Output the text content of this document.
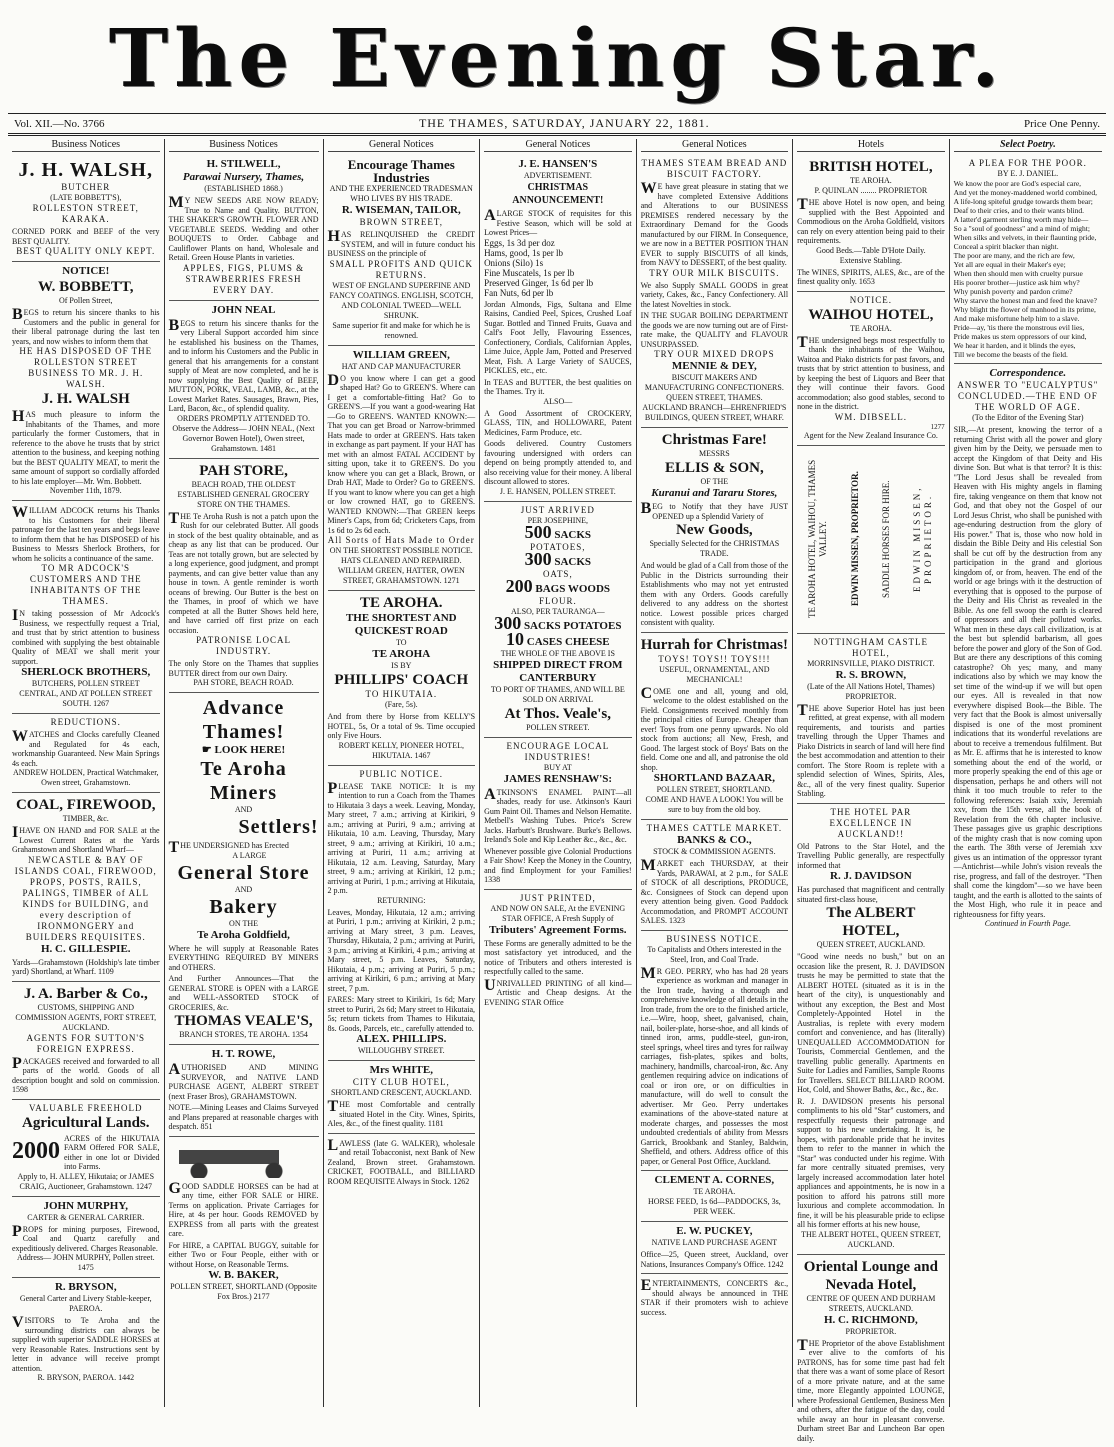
The Evening Star.
Vol. XII.—No. 3766	THE THAMES, SATURDAY, JANUARY 22, 1881.	Price One Penny.
Business Notices
J. H. WALSH,
BUTCHER
(LATE BOBBETT'S),
ROLLESTON STREET, KARAKA.

CORNED PORK and BEEF of the very BEST QUALITY.

BEST QUALITY ONLY KEPT.
NOTICE!
W. BOBBETT,
Of Pollen Street,

BEGS to return his sincere thanks to his Customers and the public in general for their liberal patronage during the last ten years, and now wishes to inform them that

HE HAS DISPOSED OF THE ROLLESTON STREET BUSINESS TO MR. J. H. WALSH.
J. H. WALSH

HAS much pleasure to inform the Inhabitants of the Thames, and more particularly the former Customers, that in reference to the above he trusts that by strict attention to the business, and keeping nothing but the BEST QUALITY MEAT, to merit the same amount of support so cordially afforded to his late employer—Mr. Wm. Bobbett.

November 11th, 1879.

WILLIAM ADCOCK returns his Thanks to his Customers for their liberal patronage for the last ten years and begs leave to inform them that he has DISPOSED of his Business to Messrs Sherlock Brothers, for whom he solicits a continuance of the same.

TO MR ADCOCK'S CUSTOMERS AND THE INHABITANTS OF THE THAMES.

IN taking possession of Mr Adcock's Business, we respectfully request a Trial, and trust that by strict attention to business combined with supplying the best obtainable Quality of MEAT we shall merit your support.

SHERLOCK BROTHERS,
BUTCHERS, POLLEN STREET CENTRAL, AND AT POLLEN STREET SOUTH. 1267
REDUCTIONS.

WATCHES and Clocks carefully Cleaned and Regulated for 4s each, workmanship Guaranteed. New Main Springs 4s each.

ANDREW HOLDEN, Practical Watchmaker, Owen street, Grahamstown.
COAL, FIREWOOD,
TIMBER, &c.

IHAVE ON HAND and FOR SALE at the Lowest Current Rates at the Yards Grahamstown and Shortland Wharf—

NEWCASTLE & BAY OF ISLANDS COAL, FIREWOOD, PROPS, POSTS, RAILS, PALINGS, TIMBER of ALL KINDS for BUILDING, and every description of IRONMONGERY and BUILDERS REQUISITES.
H. C. GILLESPIE.

Yards—Grahamstown (Holdship's late timber yard) Shortland, at Wharf. 1109

J. A. Barber & Co.,
CUSTOMS, SHIPPING AND COMMISSION AGENTS, FORT STREET, AUCKLAND.
AGENTS FOR SUTTON'S FOREIGN EXPRESS.

PACKAGES received and forwarded to all parts of the world. Goods of all description bought and sold on commission. 1598

VALUABLE FREEHOLD
Agricultural Lands.
2000 ACRES of the HIKUTAIA FARM Offered FOR SALE, either in one lot or Divided into Farms.

Apply to, H. ALLEY, Hikutaia; or JAMES CRAIG, Auctioneer, Grahamstown. 1247
JOHN MURPHY,
CARTER & GENERAL CARRIER.

PROPS for mining purposes, Firewood, Coal and Quartz carefully and expeditiously delivered. Charges Reasonable.

Address— JOHN MURPHY, Pollen street. 1475
R. BRYSON,
General Carter and Livery Stable-keeper, PAEROA.

VISITORS to Te Aroha and the surrounding districts can always be supplied with superior SADDLE HORSES at very Reasonable Rates. Instructions sent by letter in advance will receive prompt attention.

R. BRYSON, PAEROA. 1442
Business Notices
H. STILWELL,
Parawai Nursery, Thames,
(ESTABLISHED 1868.)

MY NEW SEEDS ARE NOW READY; True to Name and Quality. BUTTON, THE SHAKER'S GROWTH. FLOWER AND VEGETABLE SEEDS. Wedding and other BOUQUETS to Order. Cabbage and Cauliflower Plants on hand, Wholesale and Retail. Green House Plants in varieties.

APPLES, FIGS, PLUMS & STRAWBERRIES FRESH EVERY DAY.
JOHN NEAL

BEGS to return his sincere thanks for the very Liberal Support accorded him since he established his business on the Thames, and to inform his Customers and the Public in general that his arrangements for a constant supply of Meat are now completed, and he is now supplying the Best Quality of BEEF, MUTTON, PORK, VEAL, LAMB, &c., at the Lowest Market Rates. Sausages, Brawn, Pies, Lard, Bacon, &c., of splendid quality.

ORDERS PROMPTLY ATTENDED TO.
Observe the Address— JOHN NEAL, (Next Governor Bowen Hotel), Owen street, Grahamstown. 1481
PAH STORE,
BEACH ROAD, THE OLDEST ESTABLISHED GENERAL GROCERY STORE ON THE THAMES.

THE Te Aroha Rush is not a patch upon the Rush for our celebrated Butter. All goods in stock of the best quality obtainable, and as cheap as any list that can be produced. Our Teas are not totally grown, but are selected by a long experience, good judgment, and prompt payments, and can give better value than any house in town. A gentle reminder is worth oceans of brewing. Our Butter is the best on the Thames, in proof of which we have competed at all the Butter Shows held here, and have carried off first prize on each occasion.

PATRONISE LOCAL INDUSTRY.

The only Store on the Thames that supplies BUTTER direct from our own Dairy.

PAH STORE, BEACH ROAD.
Advance Thames!
☛ LOOK HERE!
Te Aroha
Miners
AND
Settlers!

THE UNDERSIGNED has Erected

A LARGE
General Store
AND
Bakery
ON THE
Te Aroha Goldfield,

Where he will supply at Reasonable Rates EVERYTHING REQUIRED BY MINERS and OTHERS.

And Further Announces—That the GENERAL STORE is OPEN with a LARGE and WELL-ASSORTED STOCK of GROCERIES, &c.

THOMAS VEALE'S,
BRANCH STORES, TE AROHA. 1354
H. T. ROWE,

AUTHORISED AND MINING SURVEYOR, and NATIVE LAND PURCHASE AGENT, ALBERT STREET (next Fraser Bros), GRAHAMSTOWN.

NOTE.—Mining Leases and Claims Surveyed and Plans prepared at reasonable charges with despatch. 851

GOOD SADDLE HORSES can be had at any time, either FOR SALE or HIRE. Terms on application. Private Carriages for Hire, at 4s per hour. Goods REMOVED by EXPRESS from all parts with the greatest care.

For HIRE, a CAPITAL BUGGY, suitable for either Two or Four People, either with or without Horse, on Reasonable Terms.

W. B. BAKER,
POLLEN STREET, SHORTLAND (Opposite Fox Bros.) 2177
General Notices
Encourage Thames Industries
AND THE EXPERIENCED TRADESMAN WHO LIVES BY HIS TRADE.
R. WISEMAN, TAILOR,
BROWN STREET,

HAS RELINQUISHED the CREDIT SYSTEM, and will in future conduct his BUSINESS on the principle of

SMALL PROFITS AND QUICK RETURNS.
WEST OF ENGLAND SUPERFINE AND FANCY COATINGS. ENGLISH, SCOTCH, AND COLONIAL TWEED—WELL SHRUNK.
Same superior fit and make for which he is renowned.
WILLIAM GREEN,
HAT AND CAP MANUFACTURER

DO you know where I can get a good shaped Hat? Go to GREEN'S. Where can I get a comfortable-fitting Hat? Go to GREEN'S.—If you want a good-wearing Hat—Go to GREEN'S. WANTED KNOWN:—That you can get Broad or Narrow-brimmed Hats made to order at GREEN'S. Hats taken in exchange as part payment. If your HAT has met with an almost FATAL ACCIDENT by sitting upon, take it to GREEN'S. Do you know where you can get a Black, Brown, or Drab HAT, Made to Order? Go to GREEN'S. If you want to know where you can get a high or low crowned HAT, go to GREEN'S. WANTED KNOWN:—That GREEN keeps Miner's Caps, from 6d; Cricketers Caps, from 1s 6d to 2s 6d each.

All Sorts of Hats Made to Order
ON THE SHORTEST POSSIBLE NOTICE. HATS CLEANED AND REPAIRED.
WILLIAM GREEN, HATTER, OWEN STREET, GRAHAMSTOWN. 1271
TE AROHA.
THE SHORTEST AND
QUICKEST ROAD
TO
TE AROHA
IS BY
PHILLIPS' COACH
TO HIKUTAIA.
(Fare, 5s).

And from there by Horse from KELLY'S HOTEL, 5s, Or a total of 9s. Time occupied only Five Hours.

ROBERT KELLY, PIONEER HOTEL, HIKUTAIA. 1467
PUBLIC NOTICE.

PLEASE TAKE NOTICE: It is my intention to run a Coach from the Thames to Hikutaia 3 days a week. Leaving, Monday, Mary street, 7 a.m.; arriving at Kirikiri, 9 a.m.; arriving at Puriri, 9 a.m.; arriving at Hikutaia, 10 a.m. Leaving, Thursday, Mary street, 9 a.m.; arriving at Kirikiri, 10 a.m.; arriving at Puriri, 11 a.m.; arriving at Hikutaia, 12 a.m. Leaving, Saturday, Mary street, 9 a.m.; arriving at Kirikiri, 12 p.m.; arriving at Puriri, 1 p.m.; arriving at Hikutaia, 2 p.m.

RETURNING:

Leaves, Monday, Hikutaia, 12 a.m.; arriving at Puriri, 1 p.m.; arriving at Kirikiri, 2 p.m.; arriving at Mary street, 3 p.m. Leaves, Thursday, Hikutaia, 2 p.m.; arriving at Puriri, 3 p.m.; arriving at Kirikiri, 4 p.m.; arriving at Mary street, 5 p.m. Leaves, Saturday, Hikutaia, 4 p.m.; arriving at Puriri, 5 p.m.; arriving at Kirikiri, 6 p.m.; arriving at Mary street, 7 p.m.

FARES: Mary street to Kirikiri, 1s 6d; Mary street to Puriri, 2s 6d; Mary street to Hikutaia, 5s; return tickets from Thames to Hikutaia, 8s. Goods, Parcels, etc., carefully attended to.

ALEX. PHILLIPS.
WILLOUGHBY STREET.
Mrs WHITE,
CITY CLUB HOTEL,
SHORTLAND CRESCENT, AUCKLAND.

THE most Comfortable and centrally situated Hotel in the City. Wines, Spirits, Ales, &c., of the finest quality. 1181

LAWLESS (late G. WALKER), wholesale and retail Tobacconist, next Bank of New Zealand, Brown street. Grahamstown. CRICKET, FOOTBALL, and BILLIARD ROOM REQUISITE Always in Stock. 1262

General Notices
J. E. HANSEN'S
ADVERTISEMENT.
CHRISTMAS ANNOUNCEMENT!

ALARGE STOCK of requisites for this Festive Season, which will be sold at Lowest Prices—

Eggs, 1s 3d per doz

Hams, good, 1s per lb

Onions (Silo) 1s

Fine Muscatels, 1s per lb

Preserved Ginger, 1s 6d per lb

Fan Nuts, 6d per lb

Jordan Almonds, Figs, Sultana and Elme Raisins, Candied Peel, Spices, Crushed Loaf Sugar. Bottled and Tinned Fruits, Guava and Calf's Foot Jelly, Flavouring Essences, Confectionery, Cordials, Californian Apples, Lime Juice, Apple Jam, Potted and Preserved Meat, Fish. A Large Variety of SAUCES, PICKLES, etc., etc.

In TEAS and BUTTER, the best qualities on the Thames. Try it.

ALSO—

A Good Assortment of CROCKERY, GLASS, TIN, and HOLLOWARE, Patent Medicines, Farm Produce, etc.

Goods delivered. Country Customers favouring undersigned with orders can depend on being promptly attended to, and also receiving value for their money. A liberal discount allowed to stores.

J. E. HANSEN, POLLEN STREET.
JUST ARRIVED
PER JOSEPHINE,
500 SACKS
POTATOES,
300 SACKS
OATS,
200 BAGS WOODS
FLOUR.
ALSO, PER TAURANGA—
300 SACKS POTATOES
10 CASES CHEESE
THE WHOLE OF THE ABOVE IS
SHIPPED DIRECT FROM
CANTERBURY
TO PORT OF THAMES, AND WILL BE SOLD ON ARRIVAL
At Thos. Veale's,
POLLEN STREET.
ENCOURAGE LOCAL INDUSTRIES!
BUY AT
JAMES RENSHAW'S:

ATKINSON'S ENAMEL PAINT—all shades, ready for use. Atkinson's Kauri Gum Paint Oil. Thames and Nelson Hematite. Metbell's Washing Tubes. Price's Screw Jacks. Harbutt's Brushware. Burke's Bellows. Ireland's Sole and Kip Leather &c., &c., &c.

Whenever possible give Colonial Productions a Fair Show! Keep the Money in the Country, and find Employment for your Families! 1338

JUST PRINTED,
AND NOW ON SALE, At the EVENING STAR OFFICE, A Fresh Supply of
Tributers' Agreement Forms.

These Forms are generally admitted to be the most satisfactory yet introduced, and the notice of Tributers and others interested is respectfully called to the same.

UNRIVALLED PRINTING of all kind—Artistic and Cheap designs. At the EVENING STAR Office

General Notices
THAMES STEAM BREAD AND BISCUIT FACTORY.

WE have great pleasure in stating that we have completed Extensive Additions and Alterations to our BUSINESS PREMISES rendered necessary by the Extraordinary Demand for the Goods manufactured by our FIRM. In Consequence, we are now in a BETTER POSITION THAN EVER to supply BISCUITS of all kinds, from NAVY to DESSERT, of the best quality.

TRY OUR MILK BISCUITS.

We also Supply SMALL GOODS in great variety, Cakes, &c., Fancy Confectionery. All the latest Novelties in stock.

IN THE SUGAR BOILING DEPARTMENT the goods we are now turning out are of First-rate make, the QUALITY and FLAVOUR UNSURPASSED.

TRY OUR MIXED DROPS
MENNIE & DEY,
BISCUIT MAKERS AND MANUFACTURING CONFECTIONERS. QUEEN STREET, THAMES.
AUCKLAND BRANCH—EHRENFRIED'S BUILDINGS, QUEEN STREET, WHARF.
Christmas Fare!
MESSRS
ELLIS & SON,
OF THE
Kuranui and Tararu Stores,

BEG to Notify that they have JUST OPENED up a Splendid Variety of

New Goods,
Specially Selected for the CHRISTMAS TRADE.

And would be glad of a Call from those of the Public in the Districts surrounding their Establishments who may not yet entrusted them with any Orders. Goods carefully delivered to any address on the shortest notice. Lowest possible prices charged consistent with quality.

Hurrah for Christmas!
TOYS! TOYS!! TOYS!!!
USEFUL, ORNAMENTAL, AND MECHANICAL!

COME one and all, young and old, welcome to the oldest established on the Field. Consignments received monthly from the principal cities of Europe. Cheaper than ever! Toys from one penny upwards. No old stock from auctions; all New, Fresh, and Good. The largest stock of Boys' Bats on the field. Come one and all, and patronise the old shop.

SHORTLAND BAZAAR,
POLLEN STREET, SHORTLAND.
COME AND HAVE A LOOK! You will be sure to buy from the old boy.
THAMES CATTLE MARKET.
BANKS & CO.,
STOCK & COMMISSION AGENTS.

MARKET each THURSDAY, at their Yards, PARAWAI, at 2 p.m., for SALE of STOCK of all descriptions, PRODUCE, &c. Consignees of Stock can depend upon every attention being given. Good Paddock Accommodation, and PROMPT ACCOUNT SALES. 1323

BUSINESS NOTICE.
To Capitalists and Others interested in the Steel, Iron, and Coal Trade.

MR GEO. PERRY, who has had 28 years experience as workman and manager in the Iron trade, having a thorough and comprehensive knowledge of all details in the Iron trade, from the ore to the finished article, i.e.—Wire, hoop, sheet, galvanised, chain, nail, boiler-plate, horse-shoe, and all kinds of tinned iron, arms, puddle-steel, gun-iron, steel springs, wheel tires and tyres for railway carriages, fish-plates, spikes and bolts, machinery, handmills, charcoal-iron, &c. Any gentlemen requiring advice on indications of coal or iron ore, or on difficulties in manufacture, will do well to consult the advertiser. Mr Geo. Perry undertakes examinations of the above-stated nature at moderate charges, and possesses the most undoubted credentials of ability from Messrs Garrick, Brookbank and Stanley, Baldwin, Sheffield, and others. Address office of this paper, or General Post Office, Auckland.

CLEMENT A. CORNES,
TE AROHA.
HORSE FEED, 1s 6d—PADDOCKS, 3s, PER WEEK.
E. W. PUCKEY,
NATIVE LAND PURCHASE AGENT

Office—25, Queen street, Auckland, over Nations, Insurances Company's Office. 1242

ENTERTAINMENTS, CONCERTS &c., should always be announced in THE STAR if their promoters wish to achieve success.

Hotels
BRITISH HOTEL,
TE AROHA.
P. QUINLAN ........ PROPRIETOR

THE above Hotel is now open, and being supplied with the Best Appointed and Commodious on the Aroha Goldfield, visitors can rely on every attention being paid to their requirements.

Good Beds.—Table D'Hote Daily.
Extensive Stabling.

The WINES, SPIRITS, ALES, &c., are of the finest quality only. 1653

NOTICE.
WAIHOU HOTEL,
TE AROHA.

THE undersigned begs most respectfully to thank the inhabitants of the Waihou, Waitoa and Piako districts for past favors, and trusts that by strict attention to business, and by keeping the best of Liquors and Beer that they will continue their favors. Good accommodation; also good stables, second to none in the district.

WM. DIBSELL.
1277
Agent for the New Zealand Insurance Co.
TE AROHA HOTEL, WAIHOU, THAMES VALLEY. EDWIN MISSEN, PROPRIETOR. SADDLE HORSES FOR HIRE. EDWIN MISSEN, PROPRIETOR.
NOTTINGHAM CASTLE HOTEL,
MORRINSVILLE, PIAKO DISTRICT.
R. S. BROWN,
(Late of the All Nations Hotel, Thames) PROPRIETOR.

THE above Superior Hotel has just been refitted, at great expense, with all modern requirements, and tourists and parties travelling through the Upper Thames and Piako Districts in search of land will here find the best accommodation and attention to their comfort. The Store Room is replete with a splendid selection of Wines, Spirits, Ales, &c., all of the very finest quality. Superior Stabling.

THE HOTEL PAR EXCELLENCE IN AUCKLAND!!

Old Patrons to the Star Hotel, and the Travelling Public generally, are respectfully informed that

R. J. DAVIDSON

Has purchased that magnificent and centrally situated first-class house,

The ALBERT HOTEL,
QUEEN STREET, AUCKLAND.

"Good wine needs no bush," but on an occasion like the present, R. J. DAVIDSON trusts he may be permitted to state that the ALBERT HOTEL (situated as it is in the heart of the city), is unquestionably and without any exception, the Best and Most Completely-Appointed Hotel in the Australias, is replete with every modern comfort and convenience, and has (literally) UNEQUALLED ACCOMMODATION for Tourists, Commercial Gentlemen, and the travelling public generally. Apartments en Suite for Ladies and Families, Sample Rooms for Travellers. SELECT BILLIARD ROOM. Hot, Cold, and Shower Baths, &c., &c., &c.

R. J. DAVIDSON presents his personal compliments to his old "Star" customers, and respectfully requests their patronage and support to his new undertaking. It is, he hopes, with pardonable pride that he invites them to refer to the manner in which the "Star" was conducted under his regime. With far more centrally situated premises, very largely increased accommodation later hotel appliances and appointments, he is now in a position to afford his patrons still more luxurious and complete accommodation. In fine, it will be his pleasurable pride to eclipse all his former efforts at his new house,

THE ALBERT HOTEL, QUEEN STREET, AUCKLAND.
Oriental Lounge and
Nevada Hotel,
CENTRE OF QUEEN AND DURHAM STREETS, AUCKLAND.
H. C. RICHMOND,
PROPRIETOR.

THE Proprietor of the above Establishment ever alive to the comforts of his PATRONS, has for some time past had felt that there was a want of some place of Resort of a more private nature, and at the same time, more Elegantly appointed LOUNGE, where Professional Gentlemen, Business Men and others, after the fatigue of the day, could while away an hour in pleasant converse. Durham street Bar and Luncheon Bar open daily.

Select Poetry.
A PLEA FOR THE POOR.
BY E. J. DANIEL.

We know the poor are God's especial care,

And yet the money-maddened world combined,

A life-long spiteful grudge towards them bear;

Deaf to their cries, and to their wants blind.

A latter'd garment sterling worth may hide—

So a "soul of goodness" and a mind of might;

When silks and velvets, in their flaunting pride,

Conceal a spirit blacker than night.

The poor are many, and the rich are few,

Yet all are equal in their Maker's eye;

When then should men with cruelty pursue

His poorer brother—justice ask him why?

Why punish poverty and pardon crime?

Why starve the honest man and feed the knave?

Why blight the flower of manhood in its prime,

And make misfortune help him to a slave.

Pride—ay, 'tis there the monstrous evil lies,

Pride makes us stern oppressors of our kind,

We hear it harden, and it blinds the eyes,

Till we become the beasts of the field.

Correspondence.
ANSWER TO "EUCALYPTUS" CONCLUDED.—THE END OF THE WORLD OF AGE.
(To the Editor of the Evening Star)

SIR,—At present, knowing the terror of a returning Christ with all the power and glory given him by the Deity, we persuade men to accept the Kingdom of that Deity and His divine Son. But what is that terror? It is this: "The Lord Jesus shall be revealed from Heaven with His mighty angels in flaming fire, taking vengeance on them that know not God, and that obey not the Gospel of our Lord Jesus Christ, who shall be punished with age-enduring destruction from the glory of His power." That is, those who now hold in disdain the Bible Deity and His celestial Son shall be cut off by the destruction from any participation in the grand and glorious kingdom of, or from, heaven. The end of the world or age brings with it the destruction of everything that is opposed to the purpose of the Deity and His Christ as revealed in the Bible. As one fell swoop the earth is cleared of oppressors and all their polluted works. What men in these days call civilization, is at the best but splendid barbarism, all goes before the power and glory of the Son of God. But are there any descriptions of this coming catastrophe? Oh yes; many, and many indications also by which we may know the set time of the wind-up if we will but open our eyes. All is revealed in that now everywhere dispised Book—the Bible. The very fact that the Book is almost universally dispised is one of the most prominent indications that its wonderful revelations are about to receive a tremendous fulfilment. But as Mr. E. affirms that he is interested to know something about the end of the world, or more properly speaking the end of this age or dispensation, perhaps he and others will not think it too much trouble to refer to the following references: Isaiah xxiv, Jeremiah xxv, from the 15th verse, all the book of Revelation from the 6th chapter inclusive. These passages give us graphic descriptions of the mighty crash that is now coming upon the earth. The 38th verse of Jeremiah xxv gives us an intimation of the oppressor tyrant—Antichrist—while John's vision reveals the rise, progress, and fall of the destroyer. "Then shall come the kingdom"—so we have been taught, and the earth is allotted to the saints of the Most High, who rule it in peace and righteousness for fifty years.

Continued in Fourth Page.
